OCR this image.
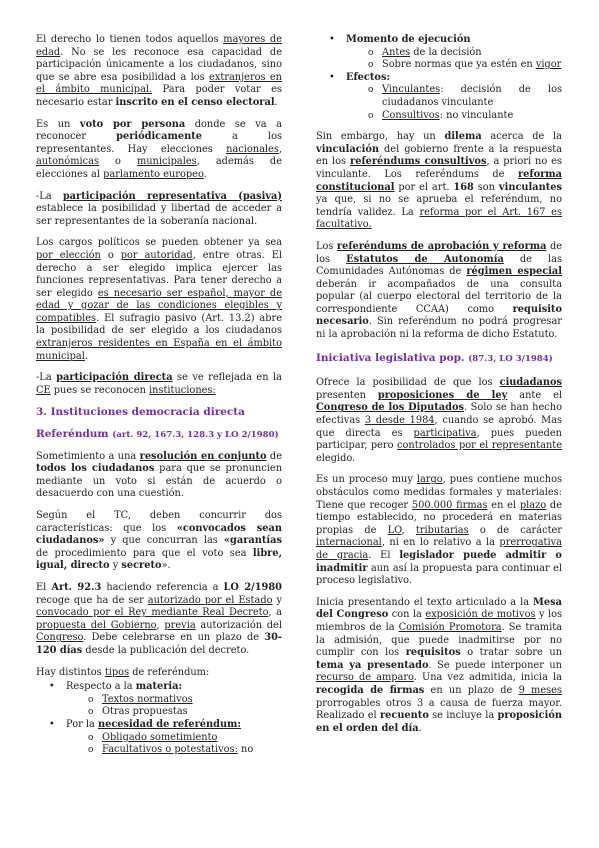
El derecho lo tienen todos aquellos mayores de edad. No se les reconoce esa capacidad de participación únicamente a los ciudadanos, sino que se abre esa posibilidad a los extranjeros en el ámbito municipal. Para poder votar es necesario estar inscrito en el censo electoral.

Es un voto por persona donde se va a reconocer periódicamente a los representantes. Hay elecciones nacionales, autonómicas o municipales, además de elecciones al parlamento europeo.

-La participación representativa (pasiva) establece la posibilidad y libertad de acceder a ser representantes de la soberanía nacional.

Los cargos políticos se pueden obtener ya sea por elección o por autoridad, entre otras. El derecho a ser elegido implica ejercer las funciones representativas. Para tener derecho a ser elegido es necesario ser español, mayor de edad y gozar de las condiciones elegibles y compatibles. El sufragio pasivo (Art. 13.2) abre la posibilidad de ser elegido a los ciudadanos extranjeros residentes en España en el ámbito municipal.

-La participación directa se ve reflejada en la CE pues se reconocen instituciones:

3. Instituciones democracia directa
Referéndum (art. 92, 167.3, 128.3 y LO 2/1980)

Sometimiento a una resolución en conjunto de todos los ciudadanos para que se pronuncien mediante un voto si están de acuerdo o desacuerdo con una cuestión.

Según el TC, deben concurrir dos características: que los «convocados sean ciudadanos» y que concurran las «garantías de procedimiento para que el voto sea libre, igual, directo y secreto».

El Art. 92.3 haciendo referencia a LO 2/1980 recoge que ha de ser autorizado por el Estado y convocado por el Rey mediante Real Decreto, a propuesta del Gobierno, previa autorización del Congreso. Debe celebrarse en un plazo de 30-120 días desde la publicación del decreto.

Hay distintos tipos de referéndum:

• Respecto a la materia:
o Textos normativos
o Otras propuestas
• Por la necesidad de referéndum:
o Obligado sometimiento
o Facultativos o potestativos: no
• Momento de ejecución
o Antes de la decisión
o Sobre normas que ya estén en vigor
• Efectos:
o Vinculantes: decisión de los
ciudadanos vinculante
o Consultivos: no vinculante

Sin embargo, hay un dilema acerca de la vinculación del gobierno frente a la respuesta en los referéndums consultivos, a priori no es vinculante. Los referéndums de reforma constitucional por el art. 168 son vinculantes ya que, si no se aprueba el referéndum, no tendría validez. La reforma por el Art. 167 es facultativo.

Los referéndums de aprobación y reforma de los Estatutos de Autonomía de las Comunidades Autónomas de régimen especial deberán ir acompañados de una consulta popular (al cuerpo electoral del territorio de la correspondiente CCAA) como requisito necesario. Sin referéndum no podrá progresar ni la aprobación ni la reforma de dicho Estatuto.

Iniciativa legislativa pop. (87.3, LO 3/1984)

Ofrece la posibilidad de que los ciudadanos presenten proposiciones de ley ante el Congreso de los Diputados. Solo se han hecho efectivas 3 desde 1984, cuando se aprobó. Mas que directa es participativa, pues pueden participar, pero controlados por el representante elegido.

Es un proceso muy largo, pues contiene muchos obstáculos como medidas formales y materiales: Tiene que recoger 500.000 firmas en el plazo de tiempo establecido, no procederá en materias propias de LO, tributarias o de carácter internacional, ni en lo relativo a la prerrogativa de gracia. El legislador puede admitir o inadmitir aun así la propuesta para continuar el proceso legislativo.

Inicia presentando el texto articulado a la Mesa del Congreso con la exposición de motivos y los miembros de la Comisión Promotora. Se tramita la admisión, que puede inadmitirse por no cumplir con los requisitos o tratar sobre un tema ya presentado. Se puede interponer un recurso de amparo. Una vez admitida, inicia la recogida de firmas en un plazo de 9 meses prorrogables otros 3 a causa de fuerza mayor. Realizado el recuento se incluye la proposición en el orden del día.
